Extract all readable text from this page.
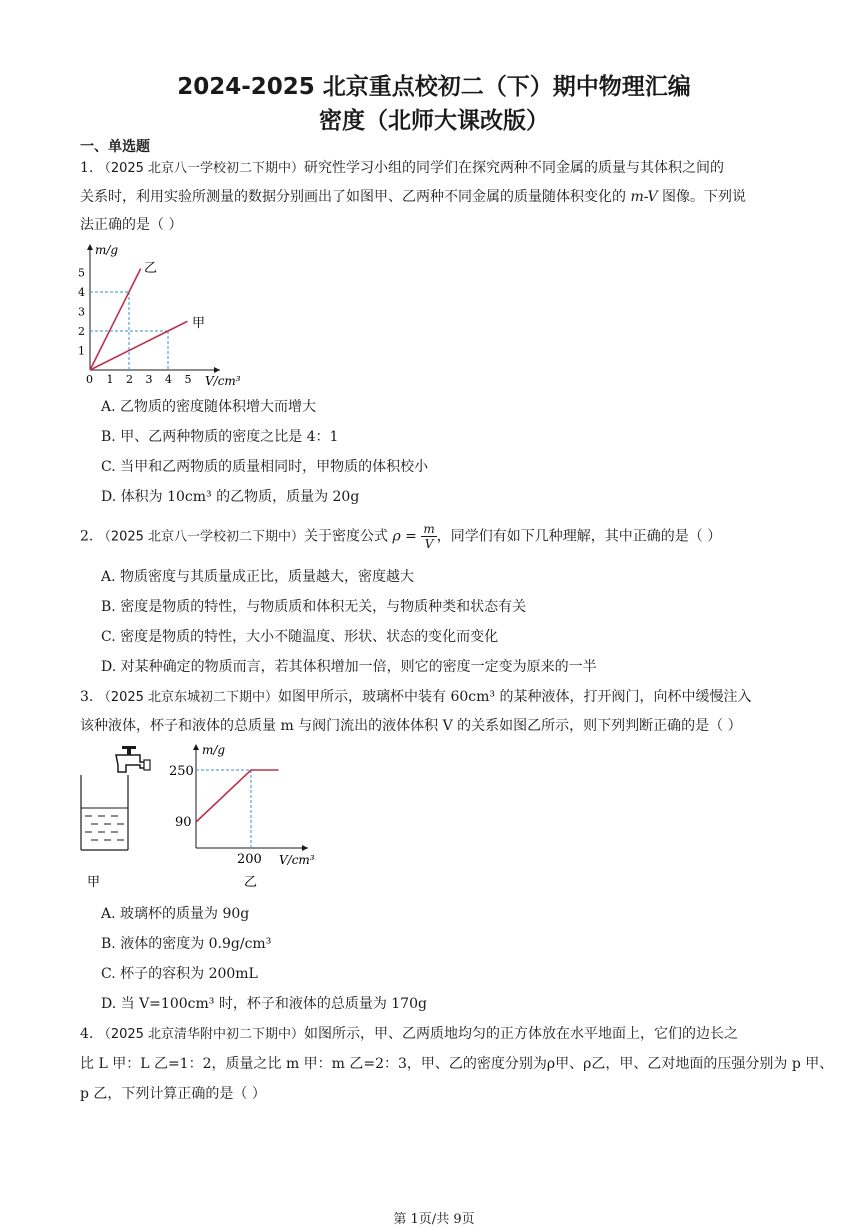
2024-2025 北京重点校初二（下）期中物理汇编
密度（北师大课改版）
一、单选题
1. （2025 北京八一学校初二下期中）研究性学习小组的同学们在探究两种不同金属的质量与其体积之间的
关系时，利用实验所测量的数据分别画出了如图甲、乙两种不同金属的质量随体积变化的 m-V 图像。下列说
法正确的是（ ）
m/g
V/cm³
0 1 2 3 4 5
1
2
3
4
5	乙
甲
A. 乙物质的密度随体积增大而增大
B. 甲、乙两种物质的密度之比是 4：1
C. 当甲和乙两物质的质量相同时，甲物质的体积校小
D. 体积为 10cm³ 的乙物质，质量为 20g
2. （2025 北京八一学校初二下期中）关于密度公式 $\rho = \frac{m}{V}$ ，同学们有如下几种理解，其中正确的是（ ）
A. 物质密度与其质量成正比，质量越大，密度越大
B. 密度是物质的特性，与物质质和体积无关，与物质种类和状态有关
C. 密度是物质的特性，大小不随温度、形状、状态的变化而变化
D. 对某种确定的物质而言，若其体积增加一倍，则它的密度一定变为原来的一半
3. （2025 北京东城初二下期中）如图甲所示，玻璃杯中装有 60cm³ 的某种液体，打开阀门，向杯中缓慢注入
该种液体，杯子和液体的总质量 m 与阀门流出的液体体积 V 的关系如图乙所示，则下列判断正确的是（ ）
甲
m/g
V/cm³
250
90
200
乙
A. 玻璃杯的质量为 90g
B. 液体的密度为 0.9g/cm³
C. 杯子的容积为 200mL
D. 当 V=100cm³ 时，杯子和液体的总质量为 170g
4. （2025 北京清华附中初二下期中）如图所示，甲、乙两质地均匀的正方体放在水平地面上，它们的边长之
比 L 甲：L 乙=1：2，质量之比 m 甲：m 乙=2：3，甲、乙的密度分别为ρ甲、ρ乙，甲、乙对地面的压强分别为 p 甲、
p 乙，下列计算正确的是（ ）
第 1页/共 9页
